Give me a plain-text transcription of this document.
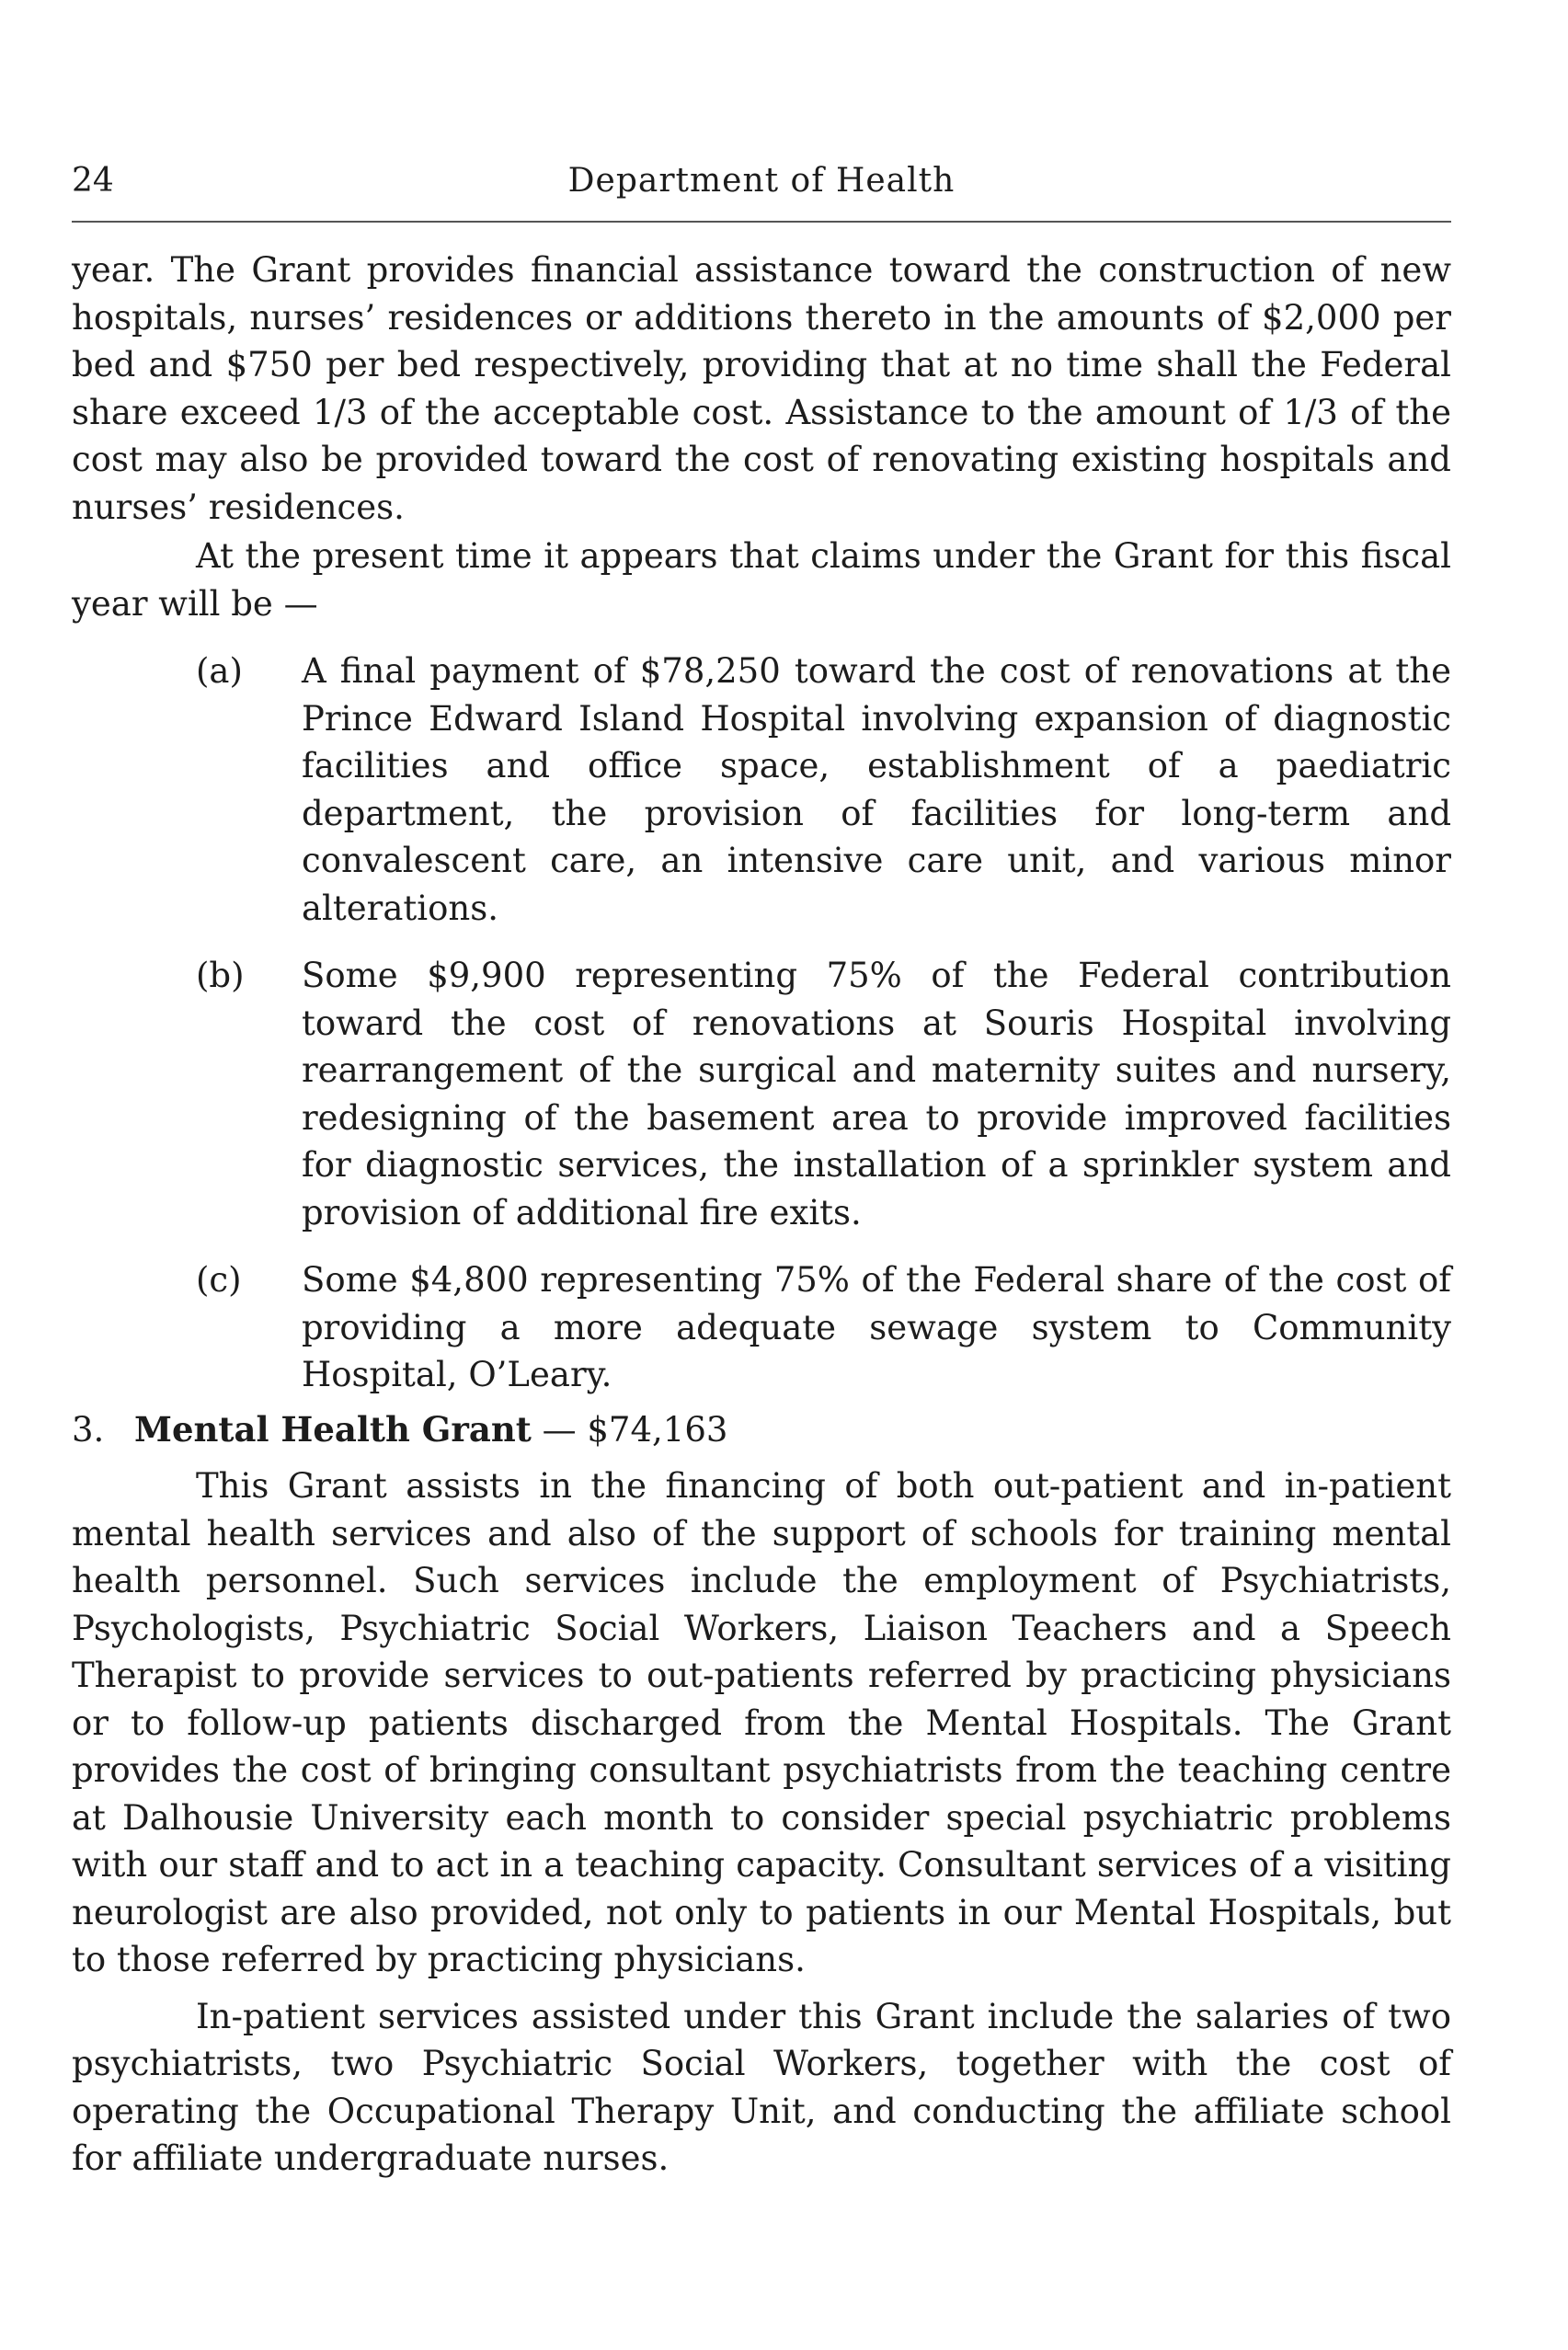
24	Department of Health

year. The Grant provides financial assistance toward the construction of new hospitals, nurses’ residences or additions thereto in the amounts of $2,000 per bed and $750 per bed respectively, providing that at no time shall the Federal share exceed 1/3 of the acceptable cost. Assistance to the amount of 1/3 of the cost may also be provided toward the cost of renovating existing hospitals and nurses’ residences.

At the present time it appears that claims under the Grant for this fiscal year will be —

(a)	A final payment of $78,250 toward the cost of renovations at the Prince Edward Island Hospital involving expansion of diagnostic facilities and office space, establishment of a paediatric department, the provision of facilities for long-term and convalescent care, an intensive care unit, and various minor alterations.
(b)	Some $9,900 representing 75% of the Federal contribution toward the cost of renovations at Souris Hospital involving rearrangement of the surgical and maternity suites and nursery, redesigning of the basement area to provide improved facilities for diagnostic services, the installation of a sprinkler system and provision of additional fire exits.
(c)	Some $4,800 representing 75% of the Federal share of the cost of providing a more adequate sewage system to Community Hospital, O’Leary.
3. Mental Health Grant — $74,163

This Grant assists in the financing of both out-patient and in-patient mental health services and also of the support of schools for training mental health personnel. Such services include the employment of Psychiatrists, Psychologists, Psychiatric Social Workers, Liaison Teachers and a Speech Therapist to provide services to out-patients referred by practicing physicians or to follow-up patients discharged from the Mental Hospitals. The Grant provides the cost of bringing consultant psychiatrists from the teaching centre at Dalhousie University each month to consider special psychiatric problems with our staff and to act in a teaching capacity. Consultant services of a visiting neurologist are also provided, not only to patients in our Mental Hospitals, but to those referred by practicing physicians.

In-patient services assisted under this Grant include the salaries of two psychiatrists, two Psychiatric Social Workers, together with the cost of operating the Occupational Therapy Unit, and conducting the affiliate school for affiliate undergraduate nurses.
